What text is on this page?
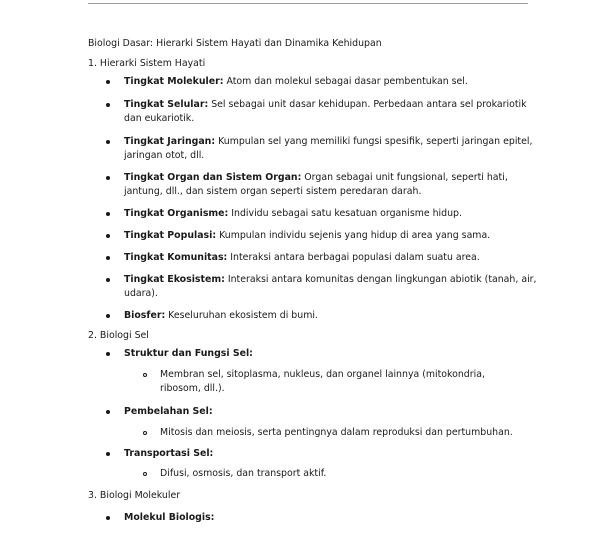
Biologi Dasar: Hierarki Sistem Hayati dan Dinamika Kehidupan
1. Hierarki Sistem Hayati
Tingkat Molekuler: Atom dan molekul sebagai dasar pembentukan sel.
Tingkat Selular: Sel sebagai unit dasar kehidupan. Perbedaan antara sel prokariotik
dan eukariotik.
Tingkat Jaringan: Kumpulan sel yang memiliki fungsi spesifik, seperti jaringan epitel,
jaringan otot, dll.
Tingkat Organ dan Sistem Organ: Organ sebagai unit fungsional, seperti hati,
jantung, dll., dan sistem organ seperti sistem peredaran darah.
Tingkat Organisme: Individu sebagai satu kesatuan organisme hidup.
Tingkat Populasi: Kumpulan individu sejenis yang hidup di area yang sama.
Tingkat Komunitas: Interaksi antara berbagai populasi dalam suatu area.
Tingkat Ekosistem: Interaksi antara komunitas dengan lingkungan abiotik (tanah, air,
udara).
Biosfer: Keseluruhan ekosistem di bumi.
2. Biologi Sel
Struktur dan Fungsi Sel:
Membran sel, sitoplasma, nukleus, dan organel lainnya (mitokondria,
ribosom, dll.).
Pembelahan Sel:
Mitosis dan meiosis, serta pentingnya dalam reproduksi dan pertumbuhan.
Transportasi Sel:
Difusi, osmosis, dan transport aktif.
3. Biologi Molekuler
Molekul Biologis:
